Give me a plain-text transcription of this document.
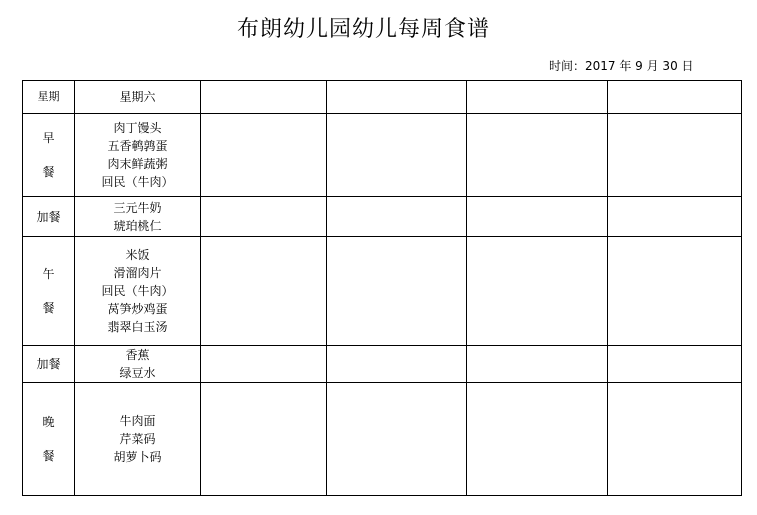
布朗幼儿园幼儿每周食谱
时间：2017 年 9 月 30 日
星期	星期六				

早
餐	肉丁馒头
五香鹌鹑蛋
肉末鲜蔬粥
回民（牛肉）				

加餐	三元牛奶
琥珀桃仁				

午
餐	米饭
滑溜肉片
回民（牛肉）
莴笋炒鸡蛋
翡翠白玉汤				

加餐	香蕉
绿豆水				

晚
餐	牛肉面
芹菜码
胡萝卜码				
